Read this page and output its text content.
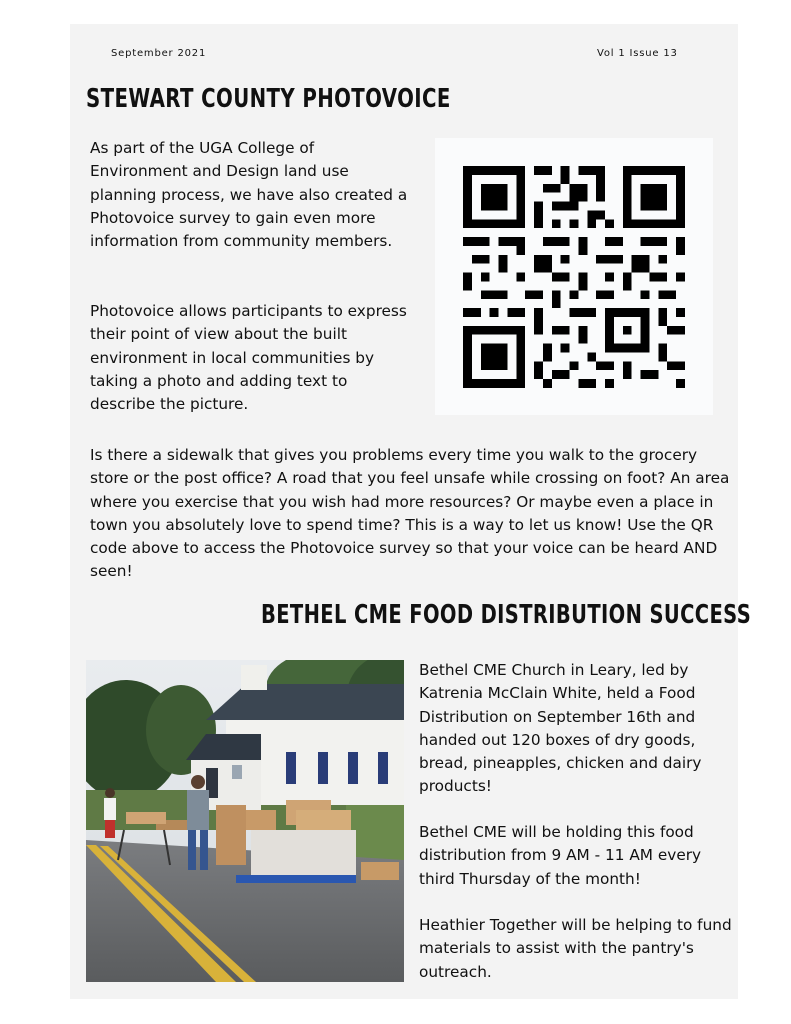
September 2021	Vol 1 Issue 13
STEWART COUNTY PHOTOVOICE
As part of the UGA College of Environment and Design land use planning process, we have also created a Photovoice survey to gain even more information from community members.
Photovoice allows participants to express their point of view about the built environment in local communities by taking a photo and adding text to describe the picture.
Is there a sidewalk that gives you problems every time you walk to the grocery store or the post office? A road that you feel unsafe while crossing on foot? An area where you exercise that you wish had more resources? Or maybe even a place in town you absolutely love to spend time? This is a way to let us know! Use the QR code above to access the Photovoice survey so that your voice can be heard AND seen!
BETHEL CME FOOD DISTRIBUTION SUCCESS
Bethel CME Church in Leary, led by Katrenia McClain White, held a Food Distribution on September 16th and handed out 120 boxes of dry goods, bread, pineapples, chicken and dairy products!
Bethel CME will be holding this food distribution from 9 AM - 11 AM every third Thursday of the month!
Heathier Together will be helping to fund materials to assist with the pantry's outreach.
